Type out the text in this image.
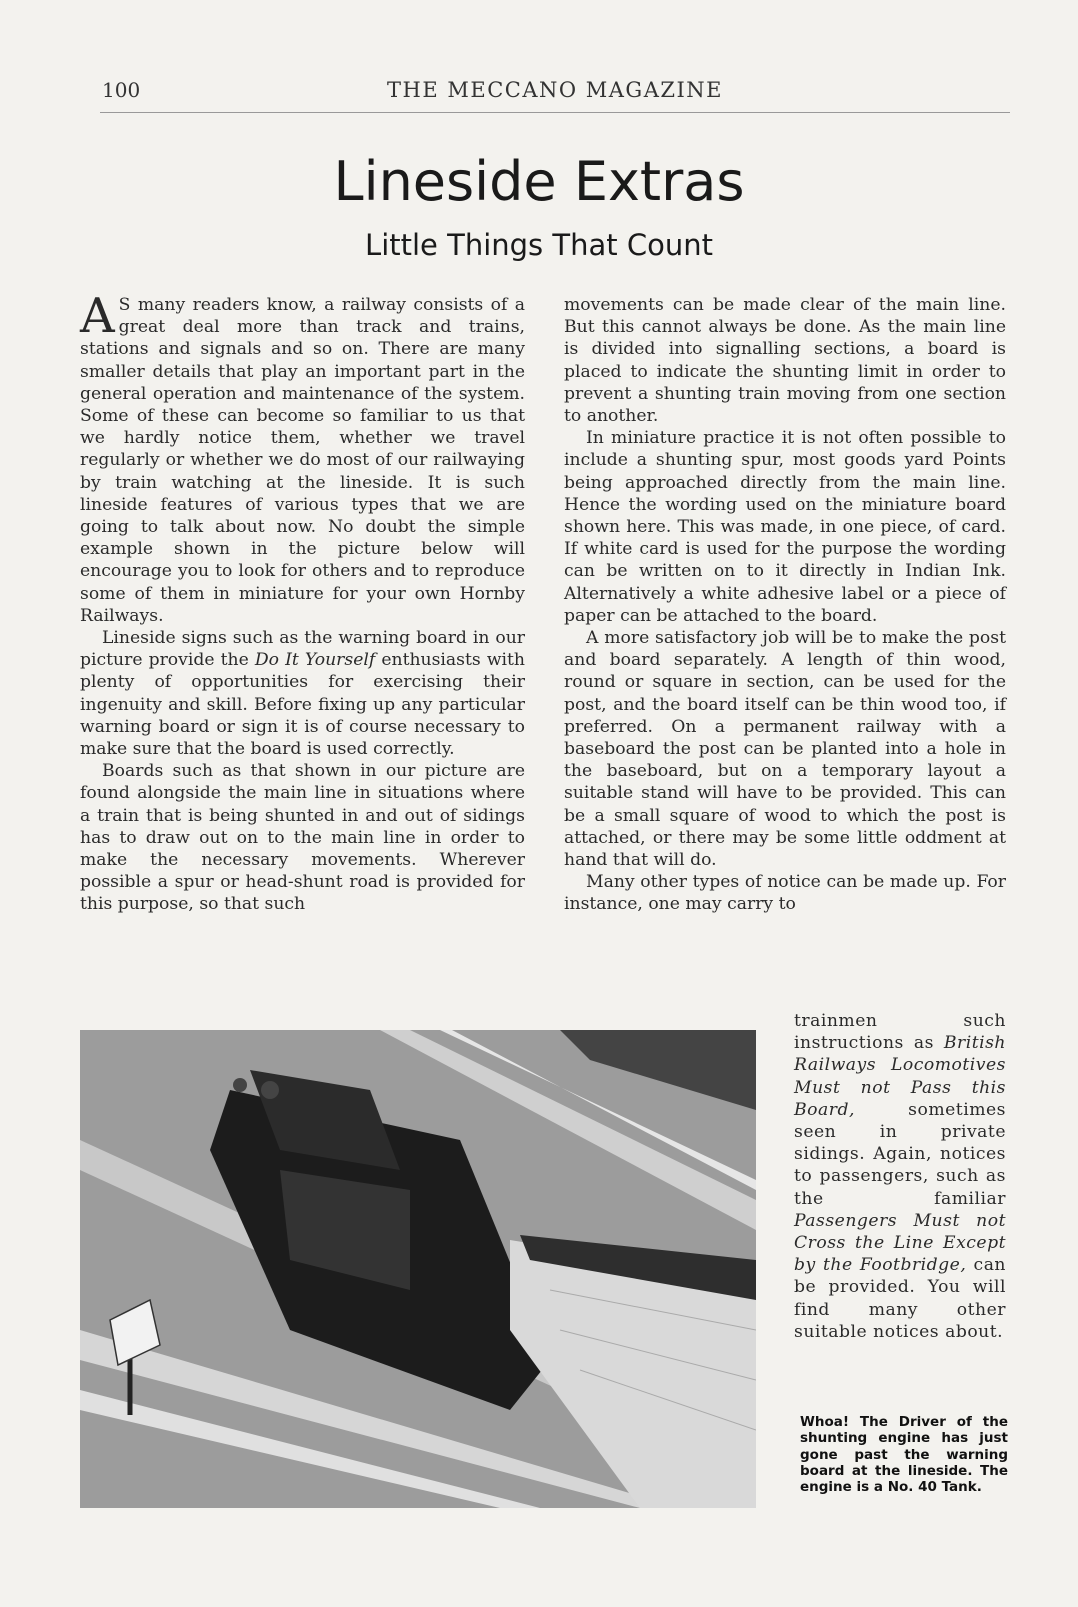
100	THE MECCANO MAGAZINE
Lineside Extras
Little Things That Count

A S many readers know, a railway consists of a great deal more than track and trains, stations and signals and so on. There are many smaller details that play an important part in the general operation and maintenance of the system. Some of these can become so familiar to us that we hardly notice them, whether we travel regularly or whether we do most of our railwaying by train watching at the lineside. It is such lineside features of various types that we are going to talk about now. No doubt the simple example shown in the picture below will encourage you to look for others and to reproduce some of them in miniature for your own Hornby Railways.

Lineside signs such as the warning board in our picture provide the Do It Yourself enthusiasts with plenty of opportunities for exercising their ingenuity and skill. Before fixing up any particular warning board or sign it is of course necessary to make sure that the board is used correctly.

Boards such as that shown in our picture are found alongside the main line in situations where a train that is being shunted in and out of sidings has to draw out on to the main line in order to make the necessary movements. Wherever possible a spur or head-shunt road is provided for this purpose, so that such

movements can be made clear of the main line. But this cannot always be done. As the main line is divided into signalling sections, a board is placed to indicate the shunting limit in order to prevent a shunting train moving from one section to another.

In miniature practice it is not often possible to include a shunting spur, most goods yard Points being approached directly from the main line. Hence the wording used on the miniature board shown here. This was made, in one piece, of card. If white card is used for the purpose the wording can be written on to it directly in Indian Ink. Alternatively a white adhesive label or a piece of paper can be attached to the board.

A more satisfactory job will be to make the post and board separately. A length of thin wood, round or square in section, can be used for the post, and the board itself can be thin wood too, if preferred. On a permanent railway with a baseboard the post can be planted into a hole in the baseboard, but on a temporary layout a suitable stand will have to be provided. This can be a small square of wood to which the post is attached, or there may be some little oddment at hand that will do.

Many other types of notice can be made up. For instance, one may carry to

trainmen such instructions as British Railways Locomotives Must not Pass this Board, sometimes seen in private sidings. Again, notices to passengers, such as the familiar Passengers Must not Cross the Line Except by the Footbridge, can be provided. You will find many other suitable notices about.

Whoa! The Driver of the shunting engine has just gone past the warning board at the lineside. The engine is a No. 40 Tank.
